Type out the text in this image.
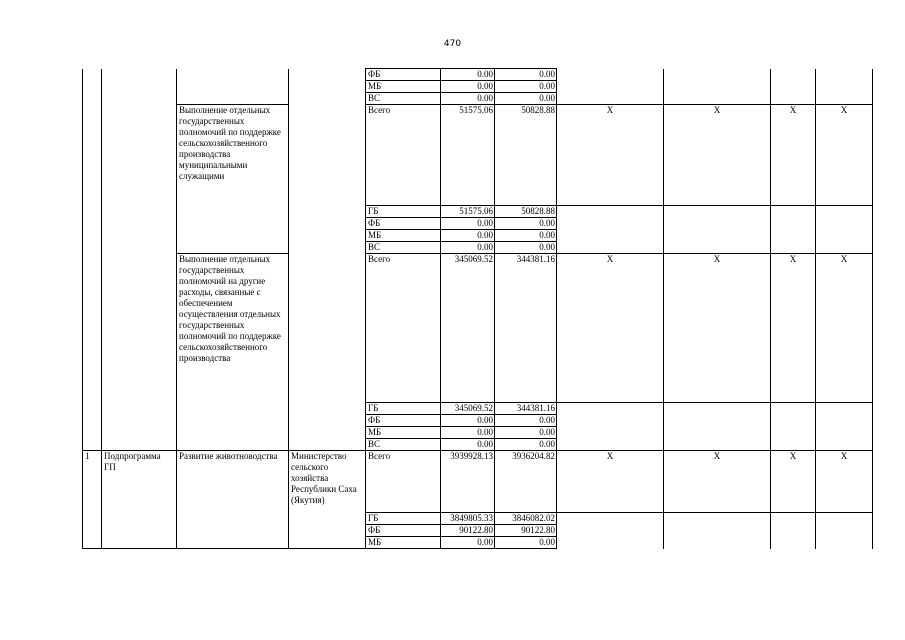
470
				ФБ	0.00	0.00				
				МБ	0.00	0.00				
				ВС	0.00	0.00				
		Выполнение отдельных государственных полномочий по поддержке сельскохозяйственного производства муниципальными служащими		Всего	51575.06	50828.88	Х	Х	Х	Х
				ГБ	51575.06	50828.88				
				ФБ	0.00	0.00				
				МБ	0.00	0.00				
				ВС	0.00	0.00				
		Выполнение отдельных государственных полномочий на другие расходы, связанные с обеспечением осуществления отдельных государственных полномочий по поддержке сельскохозяйственного производства		Всего	345069.52	344381.16	Х	Х	Х	Х
				ГБ	345069.52	344381.16				
				ФБ	0.00	0.00				
				МБ	0.00	0.00				
				ВС	0.00	0.00				
1	Подпрограмма ГП	Развитие животноводства	Министерство сельского хозяйства Республики Саха (Якутия)	Всего	3939928.13	3936204.82	Х	Х	Х	Х
				ГБ	3849805.33	3846082.02				
				ФБ	90122.80	90122.80				
				МБ	0.00	0.00				
